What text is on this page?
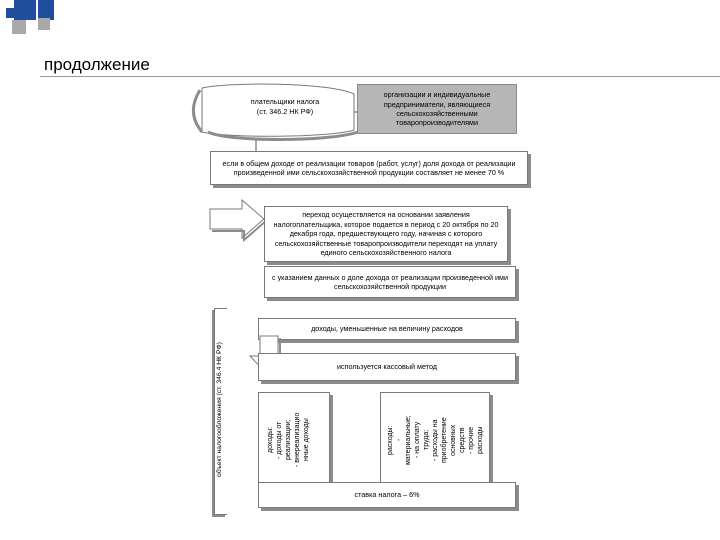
продолжение
плательщики налога
(ст. 346.2 НК РФ)
организации и индивидуальные предприниматели, являющиеся сельскохозяйственными товаропроизводителями
если в общем доходе от реализации товаров (работ, услуг) доля дохода от реализации произведенной ими сельскохозяйственной продукции составляет не менее 70 %
переход осуществляется на основании заявления налогоплательщика, которое подается в период с 20 октября по 20 декабря года, предшествующего году, начиная с которого сельскохозяйственные товаропроизводители переходят на уплату единого сельскохозяйственного налога
с указанием данных о доле дохода от реализации произведенной ими сельскохозяйственной продукции
объект налогообложения (ст. 346.4 НК РФ)
доходы, уменьшенные на величину расходов
используется кассовый метод
доходы:
- доходы от
реализации;
- внереализацио
нные доходы	расходы:
-
материальные;
- на оплату
труда;
- расходы на
приобретение
основных
средств
- прочие
расходы
ставка налога – 6%
